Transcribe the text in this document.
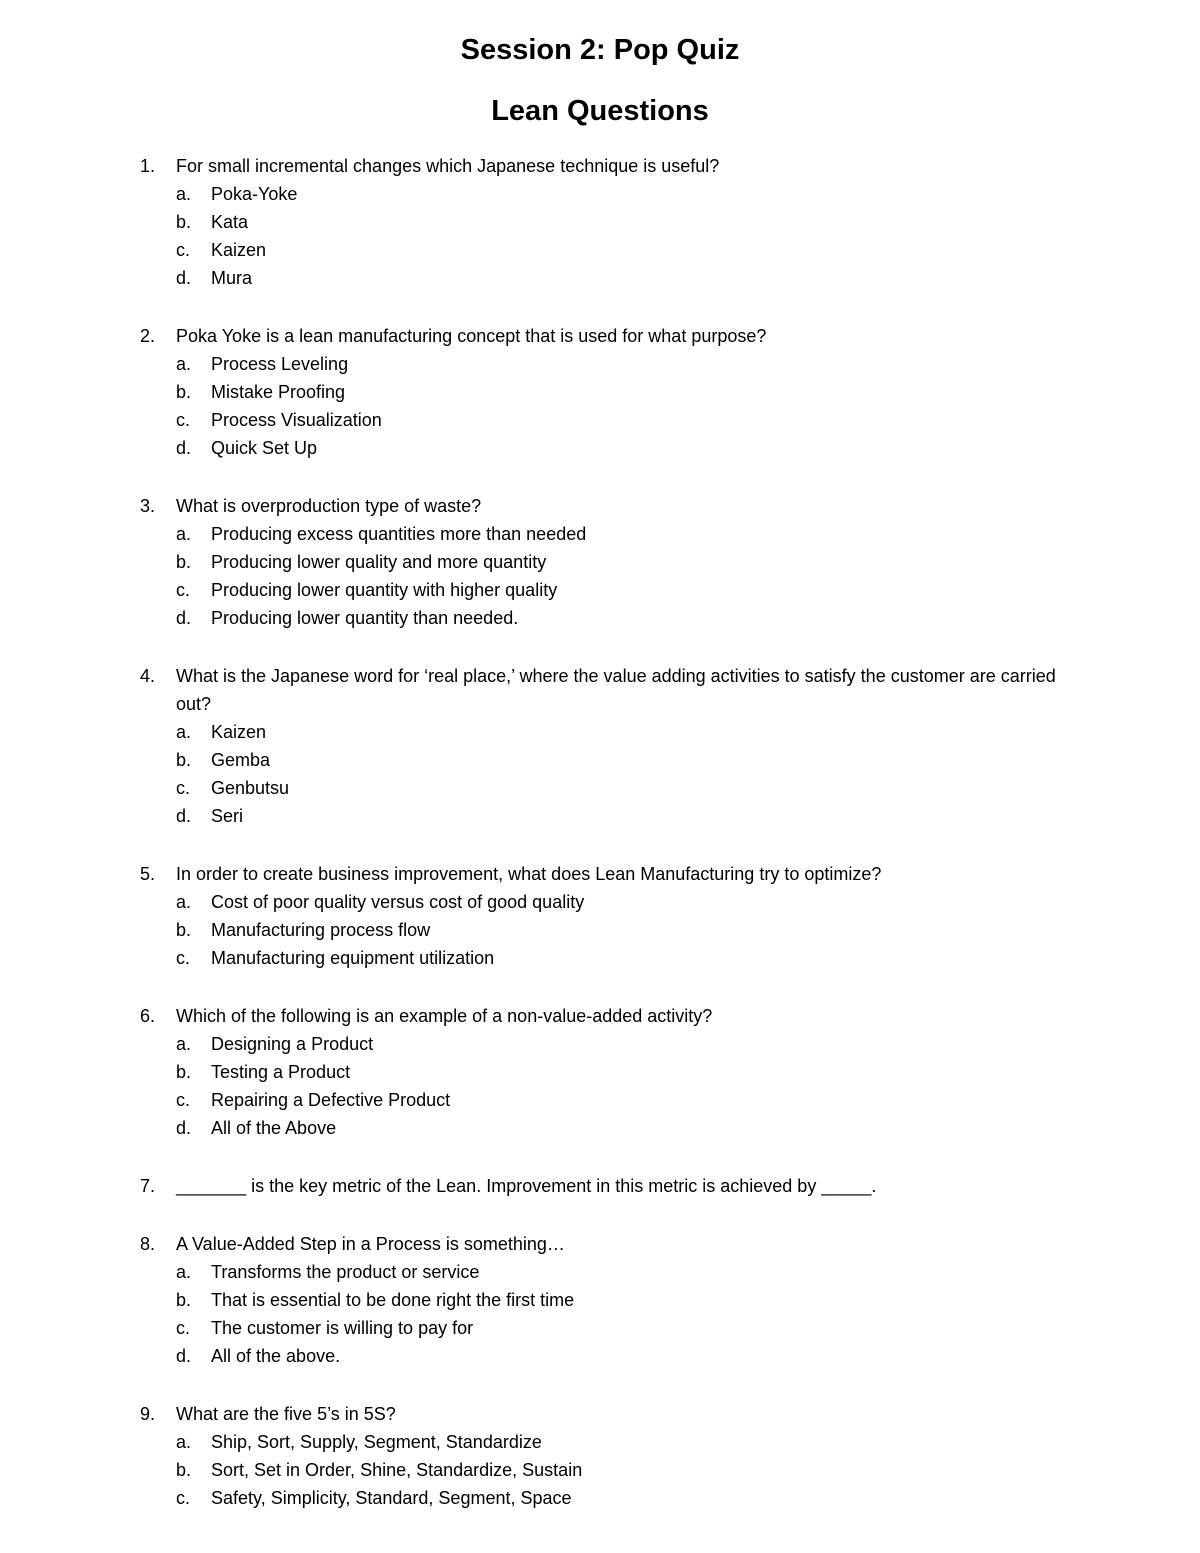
Session 2: Pop Quiz
Lean Questions
1.	For small incremental changes which Japanese technique is useful?
a.	Poka-Yoke
b.	Kata
c.	Kaizen
d.	Mura
2.	Poka Yoke is a lean manufacturing concept that is used for what purpose?
a.	Process Leveling
b.	Mistake Proofing
c.	Process Visualization
d.	Quick Set Up
3.	What is overproduction type of waste?
a.	Producing excess quantities more than needed
b.	Producing lower quality and more quantity
c.	Producing lower quantity with higher quality
d.	Producing lower quantity than needed.
4.	What is the Japanese word for ‘real place,’ where the value adding activities to satisfy the customer are carried out?
a.	Kaizen
b.	Gemba
c.	Genbutsu
d.	Seri
5.	In order to create business improvement, what does Lean Manufacturing try to optimize?
a.	Cost of poor quality versus cost of good quality
b.	Manufacturing process flow
c.	Manufacturing equipment utilization
6.	Which of the following is an example of a non-value-added activity?
a.	Designing a Product
b.	Testing a Product
c.	Repairing a Defective Product
d.	All of the Above
7.	_______ is the key metric of the Lean. Improvement in this metric is achieved by _____.
8.	A Value-Added Step in a Process is something…
a.	Transforms the product or service
b.	That is essential to be done right the first time
c.	The customer is willing to pay for
d.	All of the above.
9.	What are the five 5’s in 5S?
a.	Ship, Sort, Supply, Segment, Standardize
b.	Sort, Set in Order, Shine, Standardize, Sustain
c.	Safety, Simplicity, Standard, Segment, Space
